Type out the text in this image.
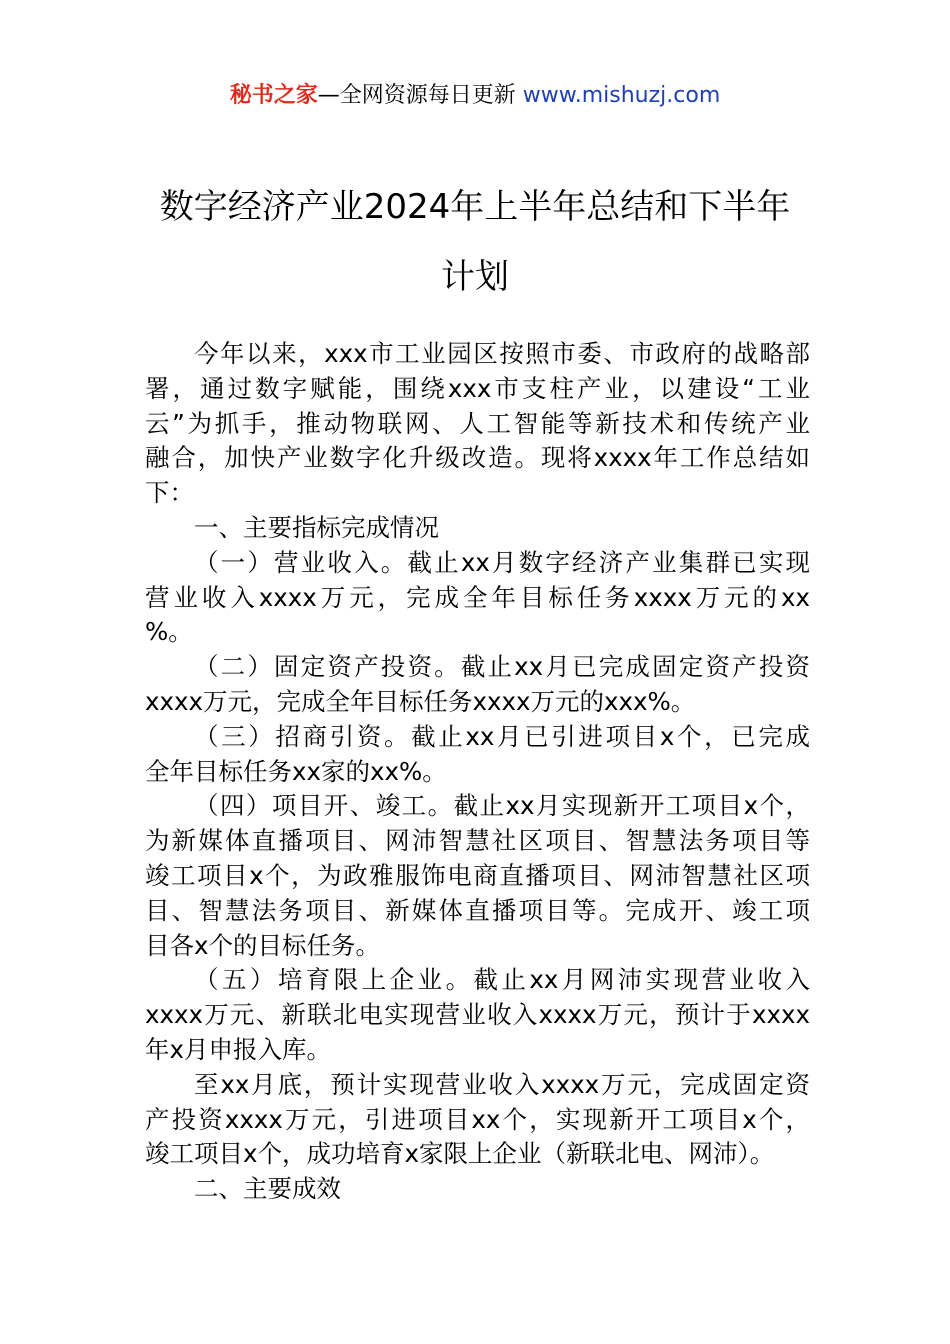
秘书之家—全网资源每日更新 www.mishuzj.com
数字经济产业2024年上半年总结和下半年
计划
今年以来，xxx市工业园区按照市委、市政府的战略部
署，通过数字赋能，围绕xxx市支柱产业，以建设“工业
云”为抓手，推动物联网、人工智能等新技术和传统产业
融合，加快产业数字化升级改造。现将xxxx年工作总结如
下：
一、主要指标完成情况
（一）营业收入。截止xx月数字经济产业集群已实现
营业收入xxxx万元，完成全年目标任务xxxx万元的xx
%。
（二）固定资产投资。截止xx月已完成固定资产投资
xxxx万元，完成全年目标任务xxxx万元的xxx%。
（三）招商引资。截止xx月已引进项目x个，已完成
全年目标任务xx家的xx%。
（四）项目开、竣工。截止xx月实现新开工项目x个，
为新媒体直播项目、网沛智慧社区项目、智慧法务项目等
竣工项目x个，为政雅服饰电商直播项目、网沛智慧社区项
目、智慧法务项目、新媒体直播项目等。完成开、竣工项
目各x个的目标任务。
（五）培育限上企业。截止xx月网沛实现营业收入
xxxx万元、新联北电实现营业收入xxxx万元，预计于xxxx
年x月申报入库。
至xx月底，预计实现营业收入xxxx万元，完成固定资
产投资xxxx万元，引进项目xx个，实现新开工项目x个，
竣工项目x个，成功培育x家限上企业（新联北电、网沛）。
二、主要成效
